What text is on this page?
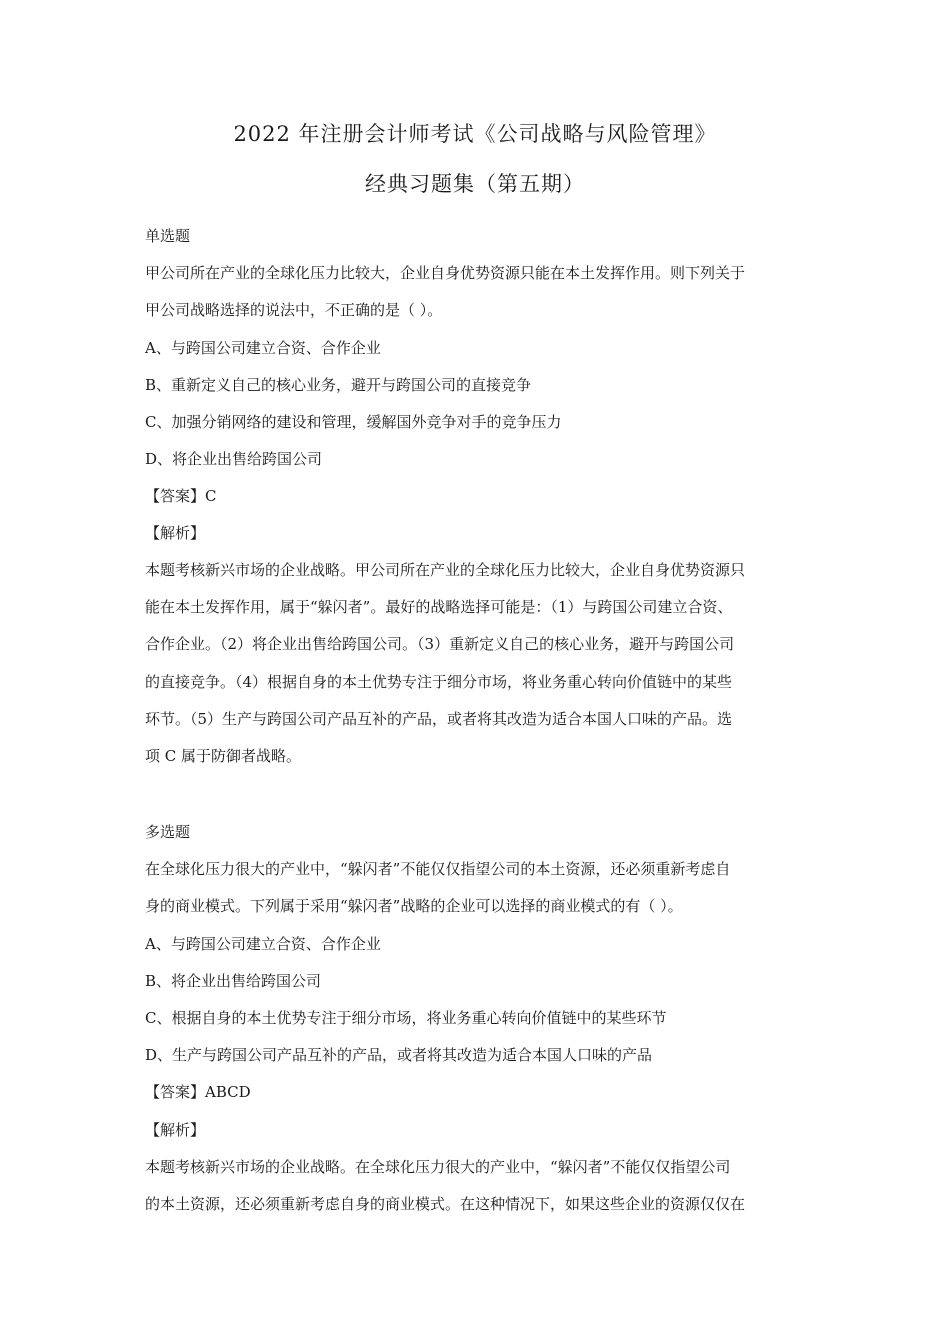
2022 年注册会计师考试《公司战略与风险管理》
经典习题集（第五期）
单选题
甲公司所在产业的全球化压力比较大，企业自身优势资源只能在本土发挥作用。则下列关于
甲公司战略选择的说法中，不正确的是（ ）。
A、与跨国公司建立合资、合作企业
B、重新定义自己的核心业务，避开与跨国公司的直接竞争
C、加强分销网络的建设和管理，缓解国外竞争对手的竞争压力
D、将企业出售给跨国公司
【答案】C
【解析】
本题考核新兴市场的企业战略。甲公司所在产业的全球化压力比较大，企业自身优势资源只
能在本土发挥作用，属于“躲闪者”。最好的战略选择可能是：（1）与跨国公司建立合资、
合作企业。（2）将企业出售给跨国公司。（3）重新定义自己的核心业务，避开与跨国公司
的直接竞争。（4）根据自身的本土优势专注于细分市场，将业务重心转向价值链中的某些
环节。（5）生产与跨国公司产品互补的产品，或者将其改造为适合本国人口味的产品。选
项 C 属于防御者战略。
多选题
在全球化压力很大的产业中，“躲闪者”不能仅仅指望公司的本土资源，还必须重新考虑自
身的商业模式。下列属于采用“躲闪者”战略的企业可以选择的商业模式的有（ ）。
A、与跨国公司建立合资、合作企业
B、将企业出售给跨国公司
C、根据自身的本土优势专注于细分市场，将业务重心转向价值链中的某些环节
D、生产与跨国公司产品互补的产品，或者将其改造为适合本国人口味的产品
【答案】ABCD
【解析】
本题考核新兴市场的企业战略。在全球化压力很大的产业中，“躲闪者”不能仅仅指望公司
的本土资源，还必须重新考虑自身的商业模式。在这种情况下，如果这些企业的资源仅仅在
